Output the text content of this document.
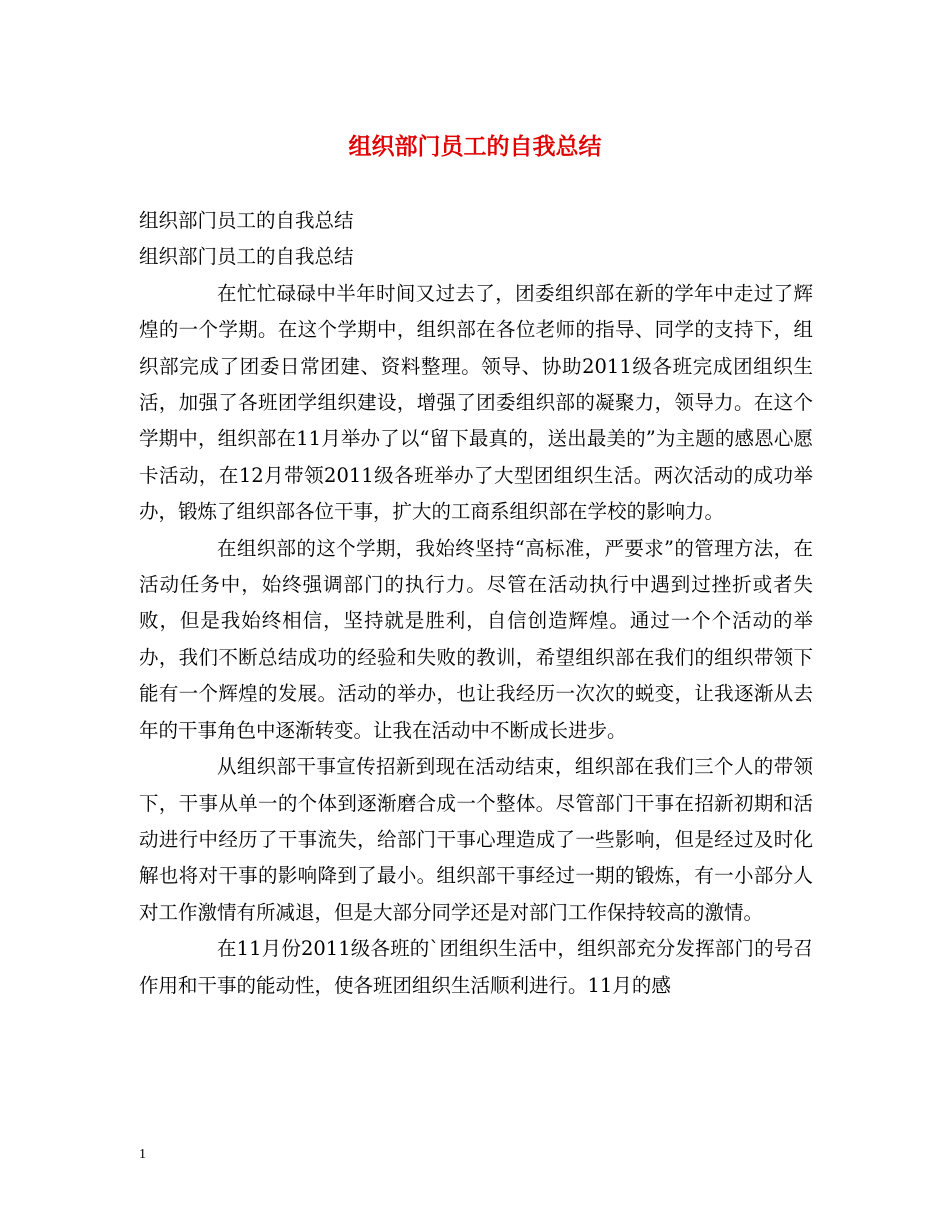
组织部门员工的自我总结
组织部门员工的自我总结
组织部门员工的自我总结

在忙忙碌碌中半年时间又过去了，团委组织部在新的学年中走过了辉煌的一个学期。在这个学期中，组织部在各位老师的指导、同学的支持下，组织部完成了团委日常团建、资料整理。领导、协助2011级各班完成团组织生活，加强了各班团学组织建设，增强了团委组织部的凝聚力，领导力。在这个学期中，组织部在11月举办了以“留下最真的，送出最美的”为主题的感恩心愿卡活动，在12月带领2011级各班举办了大型团组织生活。两次活动的成功举办，锻炼了组织部各位干事，扩大的工商系组织部在学校的影响力。

在组织部的这个学期，我始终坚持“高标准，严要求”的管理方法，在活动任务中，始终强调部门的执行力。尽管在活动执行中遇到过挫折或者失败，但是我始终相信，坚持就是胜利，自信创造辉煌。通过一个个活动的举办，我们不断总结成功的经验和失败的教训，希望组织部在我们的组织带领下能有一个辉煌的发展。活动的举办，也让我经历一次次的蜕变，让我逐渐从去年的干事角色中逐渐转变。让我在活动中不断成长进步。

从组织部干事宣传招新到现在活动结束，组织部在我们三个人的带领下，干事从单一的个体到逐渐磨合成一个整体。尽管部门干事在招新初期和活动进行中经历了干事流失，给部门干事心理造成了一些影响，但是经过及时化解也将对干事的影响降到了最小。组织部干事经过一期的锻炼，有一小部分人对工作激情有所减退，但是大部分同学还是对部门工作保持较高的激情。

在11月份2011级各班的`团组织生活中，组织部充分发挥部门的号召作用和干事的能动性，使各班团组织生活顺利进行。11月的感

1
